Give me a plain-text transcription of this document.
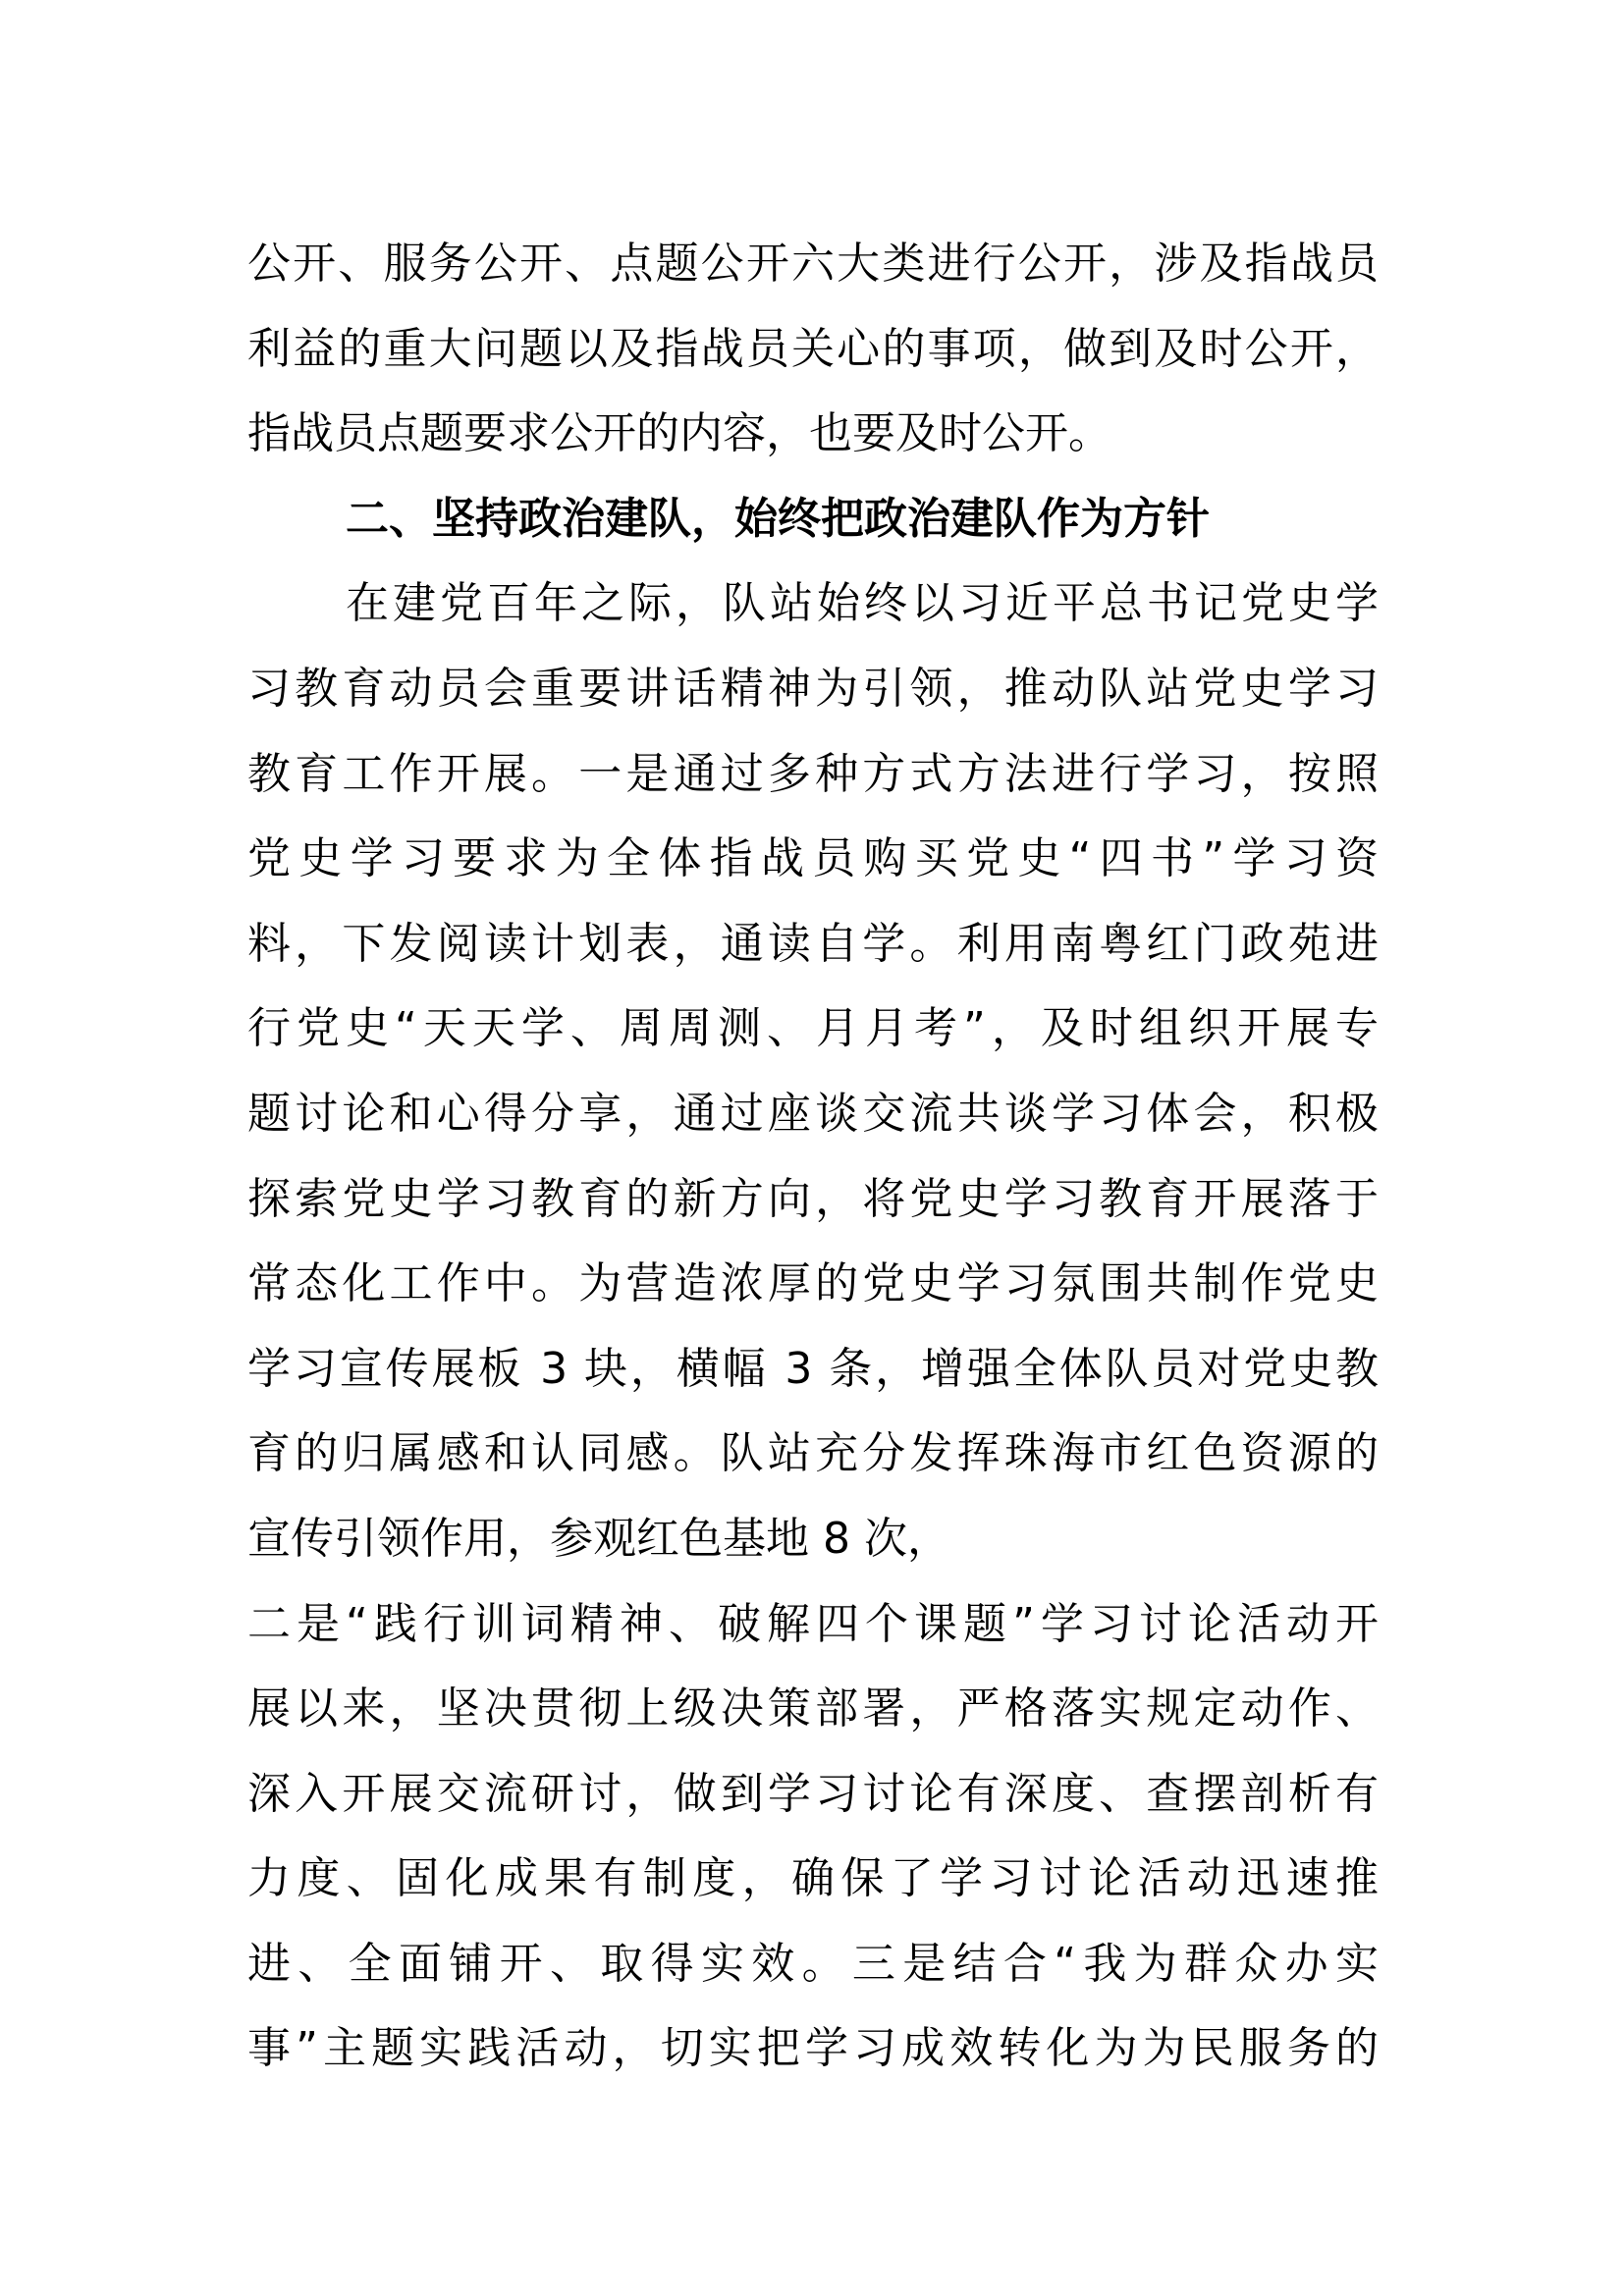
公开、服务公开、点题公开六大类进行公开，涉及指战员
利益的重大问题以及指战员关心的事项，做到及时公开，
指战员点题要求公开的内容，也要及时公开。
二、坚持政治建队，始终把政治建队作为方针
在建党百年之际，队站始终以习近平总书记党史学
习教育动员会重要讲话精神为引领，推动队站党史学习
教育工作开展。一是通过多种方式方法进行学习，按照
党史学习要求为全体指战员购买党史“四书”学习资
料，下发阅读计划表，通读自学。利用南粤红门政苑进
行党史“天天学、周周测、月月考”，及时组织开展专
题讨论和心得分享，通过座谈交流共谈学习体会，积极
探索党史学习教育的新方向，将党史学习教育开展落于
常态化工作中。为营造浓厚的党史学习氛围共制作党史
学习宣传展板 3 块，横幅 3 条，增强全体队员对党史教
育的归属感和认同感。队站充分发挥珠海市红色资源的
宣传引领作用，参观红色基地 8 次，
二是“践行训词精神、破解四个课题”学习讨论活动开
展以来，坚决贯彻上级决策部署，严格落实规定动作、
深入开展交流研讨，做到学习讨论有深度、查摆剖析有
力度、固化成果有制度，确保了学习讨论活动迅速推
进、全面铺开、取得实效。三是结合“我为群众办实
事”主题实践活动，切实把学习成效转化为为民服务的
